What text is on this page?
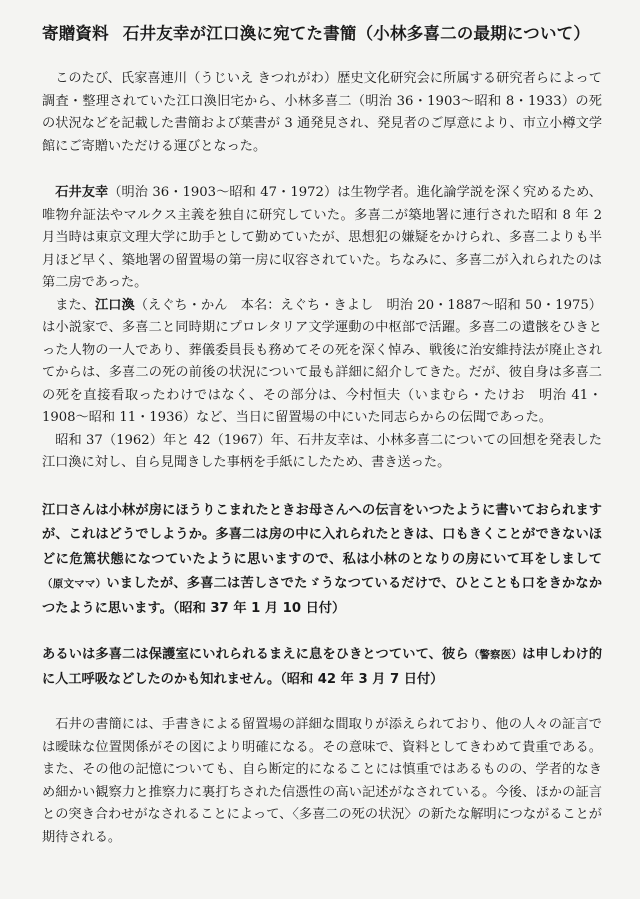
寄贈資料 石井友幸が江口渙に宛てた書簡（小林多喜二の最期について）

このたび、氏家喜連川（うじいえ きつれがわ）歴史文化研究会に所属する研究者らによって調査・整理されていた江口渙旧宅から、小林多喜二（明治 36・1903〜昭和 8・1933）の死の状況などを記載した書簡および葉書が 3 通発見され、発見者のご厚意により、市立小樽文学館にご寄贈いただける運びとなった。

石井友幸（明治 36・1903〜昭和 47・1972）は生物学者。進化論学説を深く究めるため、唯物弁証法やマルクス主義を独自に研究していた。多喜二が築地署に連行された昭和 8 年 2 月当時は東京文理大学に助手として勤めていたが、思想犯の嫌疑をかけられ、多喜二よりも半月ほど早く、築地署の留置場の第一房に収容されていた。ちなみに、多喜二が入れられたのは第二房であった。

また、江口渙（えぐち・かん　本名：えぐち・きよし　明治 20・1887〜昭和 50・1975）は小説家で、多喜二と同時期にプロレタリア文学運動の中枢部で活躍。多喜二の遺骸をひきとった人物の一人であり、葬儀委員長も務めてその死を深く悼み、戦後に治安維持法が廃止されてからは、多喜二の死の前後の状況について最も詳細に紹介してきた。だが、彼自身は多喜二の死を直接看取ったわけではなく、その部分は、今村恒夫（いまむら・たけお　明治 41・1908〜昭和 11・1936）など、当日に留置場の中にいた同志らからの伝聞であった。

昭和 37（1962）年と 42（1967）年、石井友幸は、小林多喜二についての回想を発表した江口渙に対し、自ら見聞きした事柄を手紙にしたため、書き送った。

江口さんは小林が房にほうりこまれたときお母さんへの伝言をいつたように書いておられますが、これはどうでしようか。多喜二は房の中に入れられたときは、口もきくことができないほどに危篤状態になつていたように思いますので、私は小林のとなりの房にいて耳をしまして（原文ママ）いましたが、多喜二は苦しさでたゞうなつているだけで、ひとことも口をきかなかつたように思います。（昭和 37 年 1 月 10 日付）

あるいは多喜二は保護室にいれられるまえに息をひきとつていて、彼ら（警察医）は申しわけ的に人工呼吸などしたのかも知れません。（昭和 42 年 3 月 7 日付）

石井の書簡には、手書きによる留置場の詳細な間取りが添えられており、他の人々の証言では曖昧な位置関係がその図により明確になる。その意味で、資料としてきわめて貴重である。また、その他の記憶についても、自ら断定的になることには慎重ではあるものの、学者的なきめ細かい観察力と推察力に裏打ちされた信憑性の高い記述がなされている。今後、ほかの証言との突き合わせがなされることによって、〈多喜二の死の状況〉の新たな解明につながることが期待される。
